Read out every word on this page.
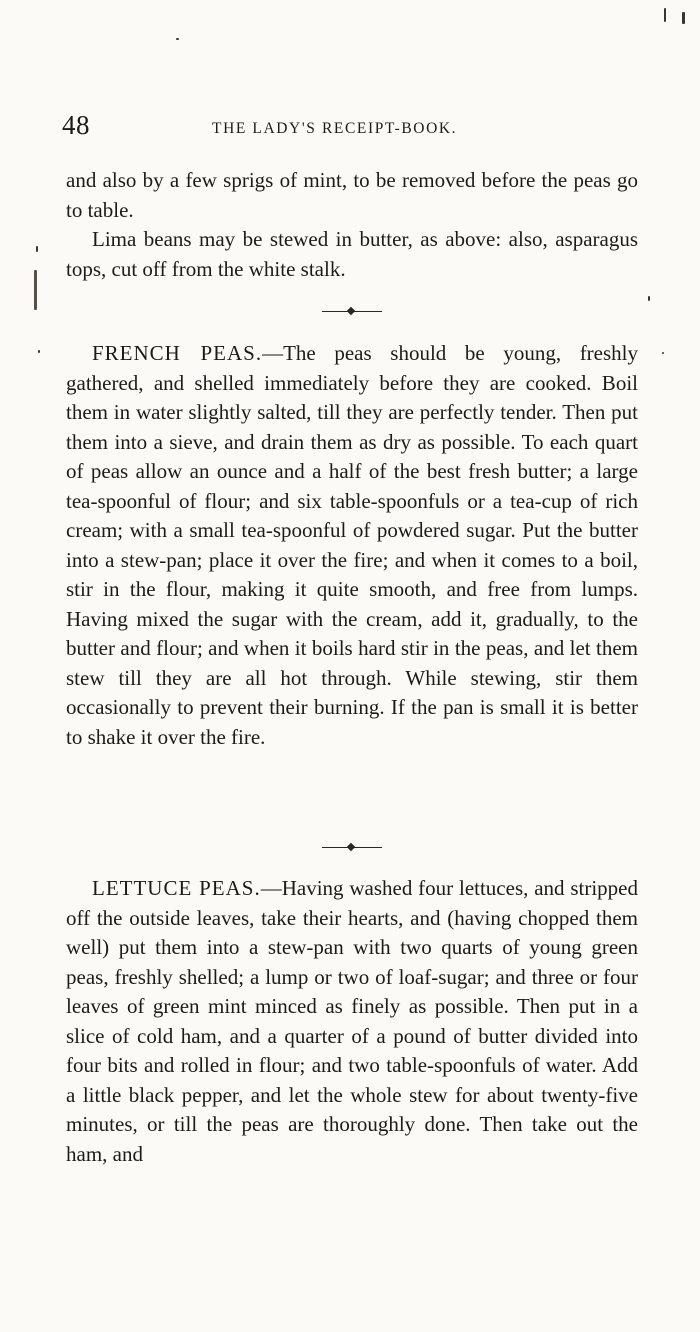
48	THE LADY'S RECEIPT-BOOK.

and also by a few sprigs of mint, to be removed before the peas go to table.

Lima beans may be stewed in butter, as above: also, asparagus tops, cut off from the white stalk.

FRENCH PEAS.—The peas should be young, freshly gathered, and shelled immediately before they are cooked. Boil them in water slightly salted, till they are perfectly tender. Then put them into a sieve, and drain them as dry as possible. To each quart of peas allow an ounce and a half of the best fresh butter; a large tea-spoonful of flour; and six table-spoonfuls or a tea-cup of rich cream; with a small tea-spoonful of powdered sugar. Put the butter into a stew-pan; place it over the fire; and when it comes to a boil, stir in the flour, making it quite smooth, and free from lumps. Having mixed the sugar with the cream, add it, gradually, to the butter and flour; and when it boils hard stir in the peas, and let them stew till they are all hot through. While stewing, stir them occasionally to prevent their burning. If the pan is small it is better to shake it over the fire.

LETTUCE PEAS.—Having washed four lettuces, and stripped off the outside leaves, take their hearts, and (having chopped them well) put them into a stew-pan with two quarts of young green peas, freshly shelled; a lump or two of loaf-sugar; and three or four leaves of green mint minced as finely as possible. Then put in a slice of cold ham, and a quarter of a pound of butter divided into four bits and rolled in flour; and two table-spoonfuls of water. Add a little black pepper, and let the whole stew for about twenty-five minutes, or till the peas are thoroughly done. Then take out the ham, and
